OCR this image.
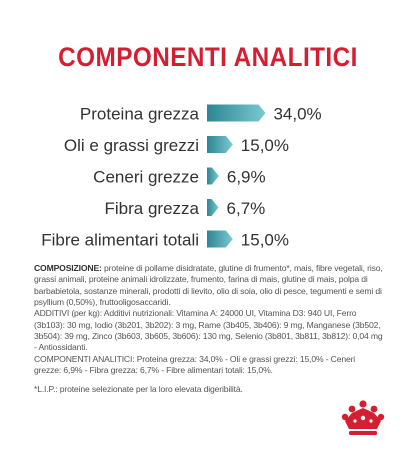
COMPONENTI ANALITICI
Proteina grezza	34,0%
Oli e grassi grezzi 15,0%
Ceneri grezze 6,9%
Fibra grezza 6,7%
Fibre alimentari totali 15,0%

COMPOSIZIONE: proteine di pollame disidratate, glutine di frumento*, mais, fibre vegetali, riso, grassi animali, proteine animali idrolizzate, frumento, farina di mais, glutine di mais, polpa di barbabietola, sostanze minerali, prodotti di lievito, olio di soia, olio di pesce, tegumenti e semi di psyllium (0,50%), fruttooligosaccaridi.

ADDITIVI (per kg): Additivi nutrizionali: Vitamina A: 24000 UI, Vitamina D3: 940 UI, Ferro (3b103): 30 mg, Iodio (3b201, 3b202): 3 mg, Rame (3b405, 3b406): 9 mg, Manganese (3b502, 3b504): 39 mg, Zinco (3b603, 3b605, 3b606): 130 mg, Selenio (3b801, 3b811, 3b812): 0,04 mg - Antiossidanti.

COMPONENTI ANALITICI: Proteina grezza: 34,0% - Oli e grassi grezzi: 15,0% - Ceneri grezze: 6,9% - Fibra grezza: 6,7% - Fibre alimentari totali: 15,0%.

*L.I.P.: proteine selezionate per la loro elevata digeribilità.
